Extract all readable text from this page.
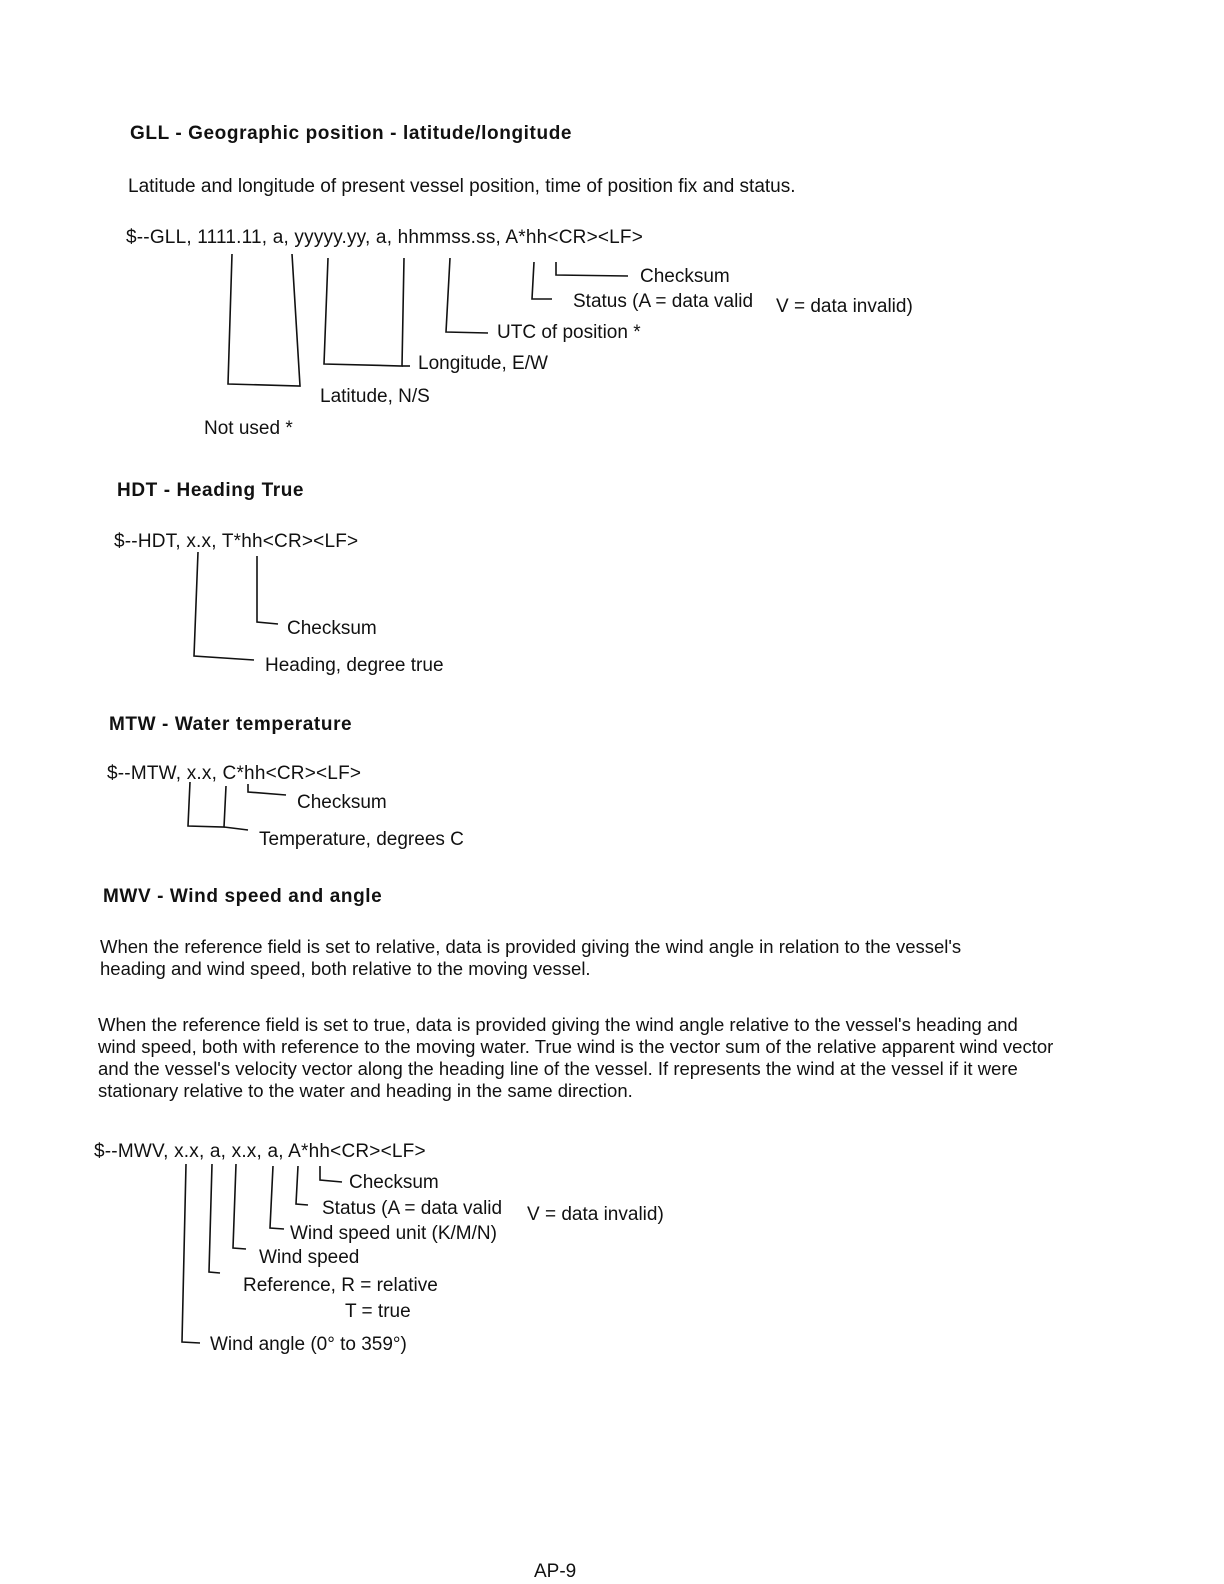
GLL - Geographic position - latitude/longitude
Latitude and longitude of present vessel position, time of position fix and status.
$--GLL, 1111.11, a, yyyyy.yy, a, hhmmss.ss, A*hh<CR><LF>
Checksum
Status (A = data valid V = data invalid)
UTC of position *
Longitude, E/W
Latitude, N/S
Not used *
HDT - Heading True
$--HDT, x.x, T*hh<CR><LF>
Checksum
Heading, degree true
MTW - Water temperature
$--MTW, x.x, C*hh<CR><LF>
Checksum
Temperature, degrees C
MWV - Wind speed and angle
When the reference field is set to relative, data is provided giving the wind angle in relation to the vessel's heading and wind speed, both relative to the moving vessel.
When the reference field is set to true, data is provided giving the wind angle relative to the vessel's heading and wind speed, both with reference to the moving water. True wind is the vector sum of the relative apparent wind vector and the vessel's velocity vector along the heading line of the vessel. If represents the wind at the vessel if it were stationary relative to the water and heading in the same direction.
$--MWV, x.x, a, x.x, a, A*hh<CR><LF>
Checksum
Status (A = data valid V = data invalid)
Wind speed unit (K/M/N)
Wind speed
Reference, R = relative
T = true
Wind angle (0° to 359°)
AP-9
